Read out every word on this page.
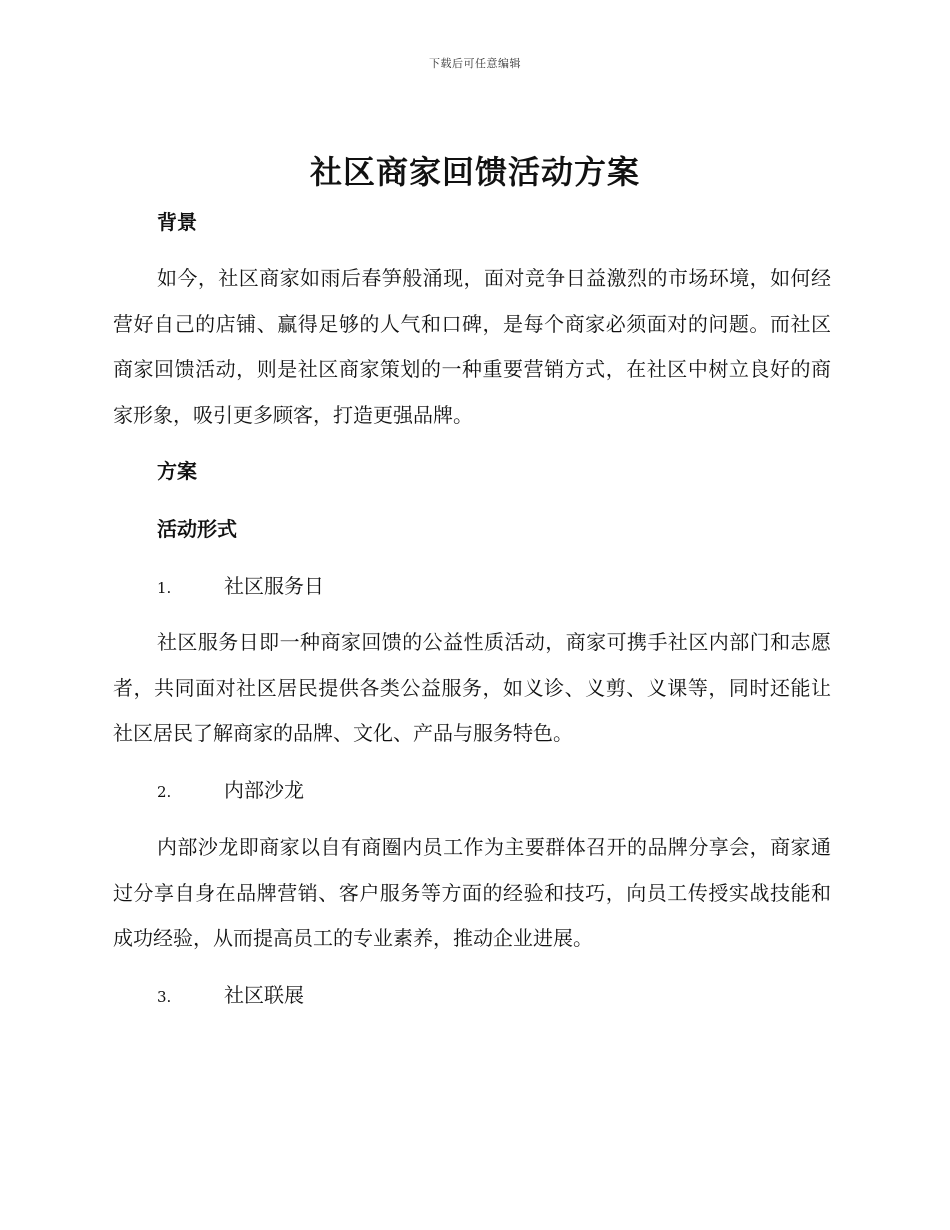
下载后可任意编辑
社区商家回馈活动方案
背景

如今，社区商家如雨后春笋般涌现，面对竞争日益激烈的市场环境，如何经营好自己的店铺、赢得足够的人气和口碑，是每个商家必须面对的问题。而社区商家回馈活动，则是社区商家策划的一种重要营销方式，在社区中树立良好的商家形象，吸引更多顾客，打造更强品牌。

方案
活动形式
1.	社区服务日

社区服务日即一种商家回馈的公益性质活动，商家可携手社区内部门和志愿者，共同面对社区居民提供各类公益服务，如义诊、义剪、义课等，同时还能让社区居民了解商家的品牌、文化、产品与服务特色。

2.	内部沙龙

内部沙龙即商家以自有商圈内员工作为主要群体召开的品牌分享会，商家通过分享自身在品牌营销、客户服务等方面的经验和技巧，向员工传授实战技能和成功经验，从而提高员工的专业素养，推动企业进展。

3.	社区联展
